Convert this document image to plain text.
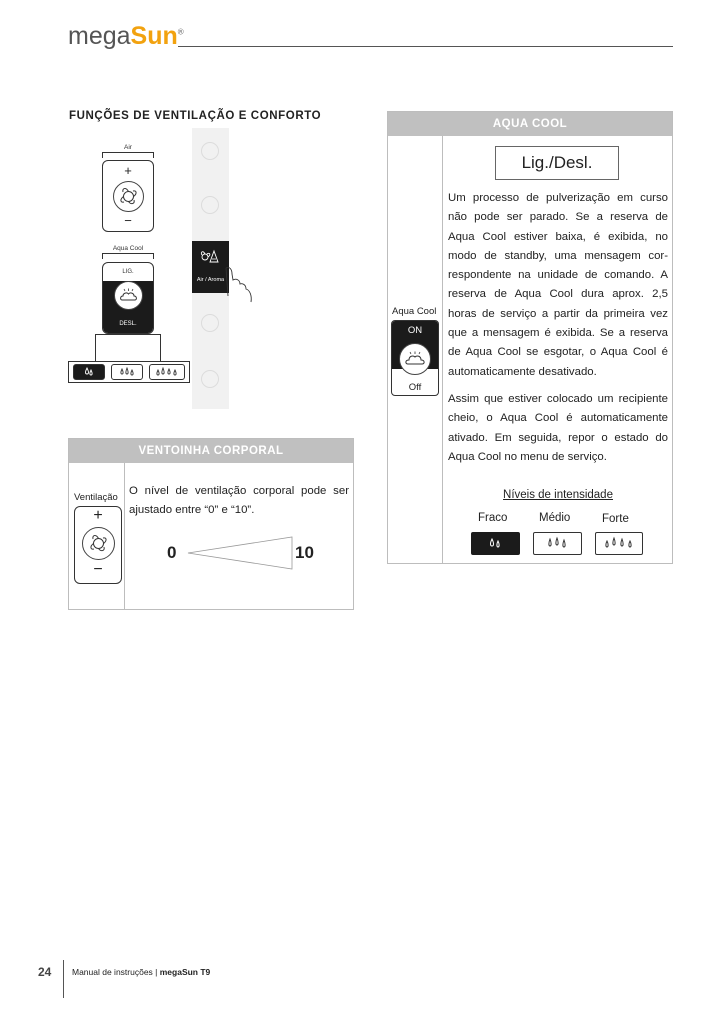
megaSun®
FUNÇÕES DE VENTILAÇÃO E CONFORTO
Air
+
−
Aqua Cool
LIG.
DESL.
Air / Aroma
VENTOINHA CORPORAL
Ventilação
+
−
O nível de ventilação corporal pode ser ajustado entre “0” e “10”.
0	10
AQUA COOL
Lig./Desl.
Aqua Cool
ON
Off
Um processo de pulverização em curso não pode ser parado. Se a reserva de Aqua Cool estiver baixa, é exibida, no modo de standby, uma mensagem cor-respondente na unidade de comando. A reserva de Aqua Cool dura aprox. 2,5 horas de serviço a partir da primeira vez que a mensagem é exibida. Se a reserva de Aqua Cool se esgotar, o Aqua Cool é automaticamente desativado.
Assim que estiver colocado um recipiente cheio, o Aqua Cool é automaticamente ativado. Em seguida, repor o estado do Aqua Cool no menu de serviço.
Níveis de intensidade
Fraco	Médio	Forte
24 Manual de instruções | megaSun T9
